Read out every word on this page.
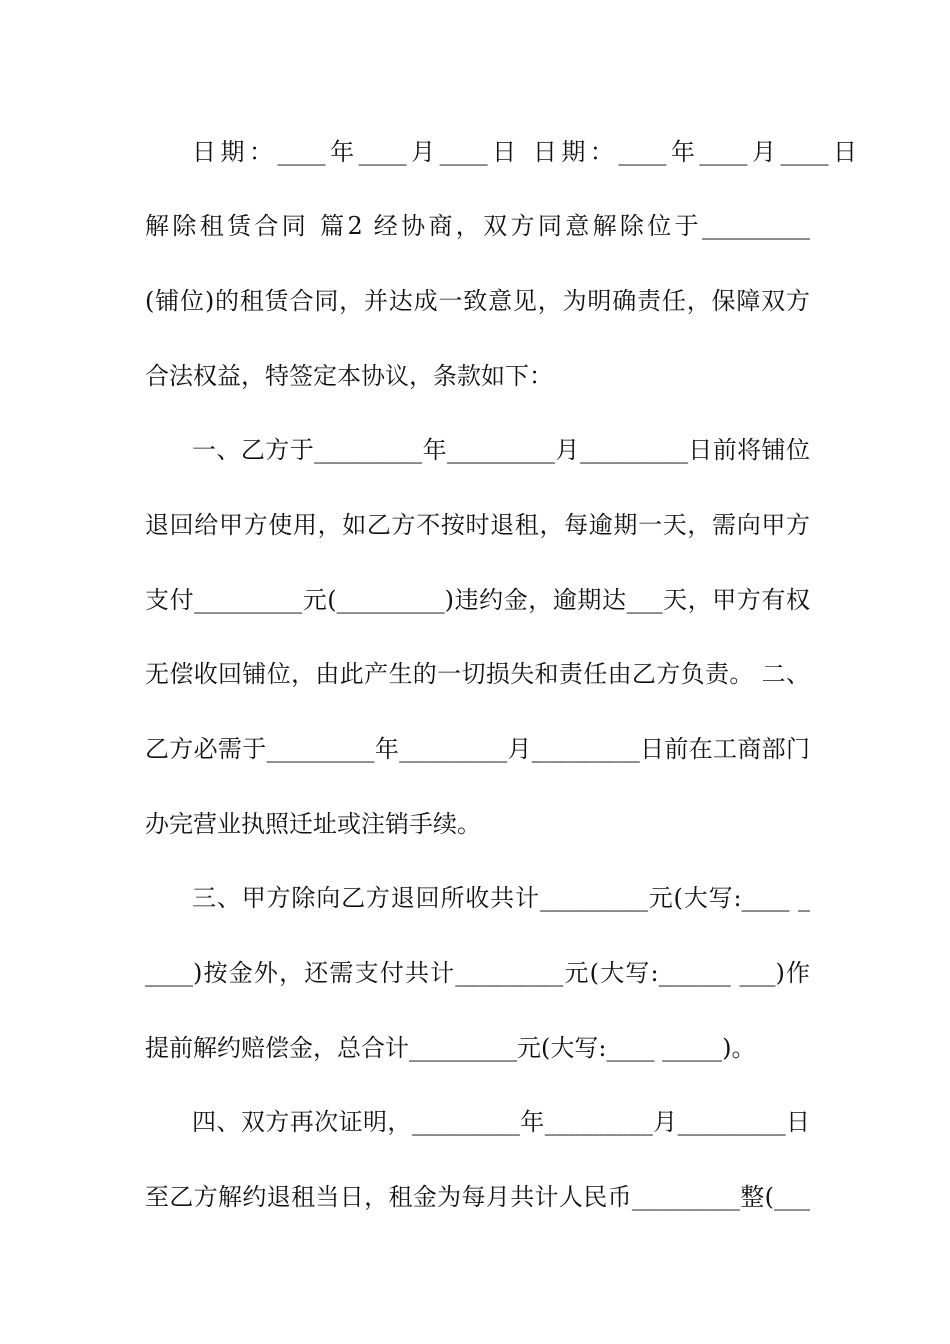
日期：____年____月____日 日期：____年____月____日
解除租赁合同 篇2 经协商，双方同意解除位于_________
(铺位)的租赁合同，并达成一致意见，为明确责任，保障双方
合法权益，特签定本协议，条款如下：
一、乙方于_________年_________月_________日前将铺位
退回给甲方使用，如乙方不按时退租，每逾期一天，需向甲方
支付_________元(_________)违约金，逾期达___天，甲方有权
无偿收回铺位，由此产生的一切损失和责任由乙方负责。 二、
乙方必需于_________年_________月_________日前在工商部门
办完营业执照迁址或注销手续。
三、甲方除向乙方退回所收共计_________元(大写:____ _
____)按金外，还需支付共计_________元(大写:______ ___)作
提前解约赔偿金，总合计_________元(大写:____ _____)。
四、双方再次证明，_________年_________月_________日
至乙方解约退租当日，租金为每月共计人民币_________整(___
